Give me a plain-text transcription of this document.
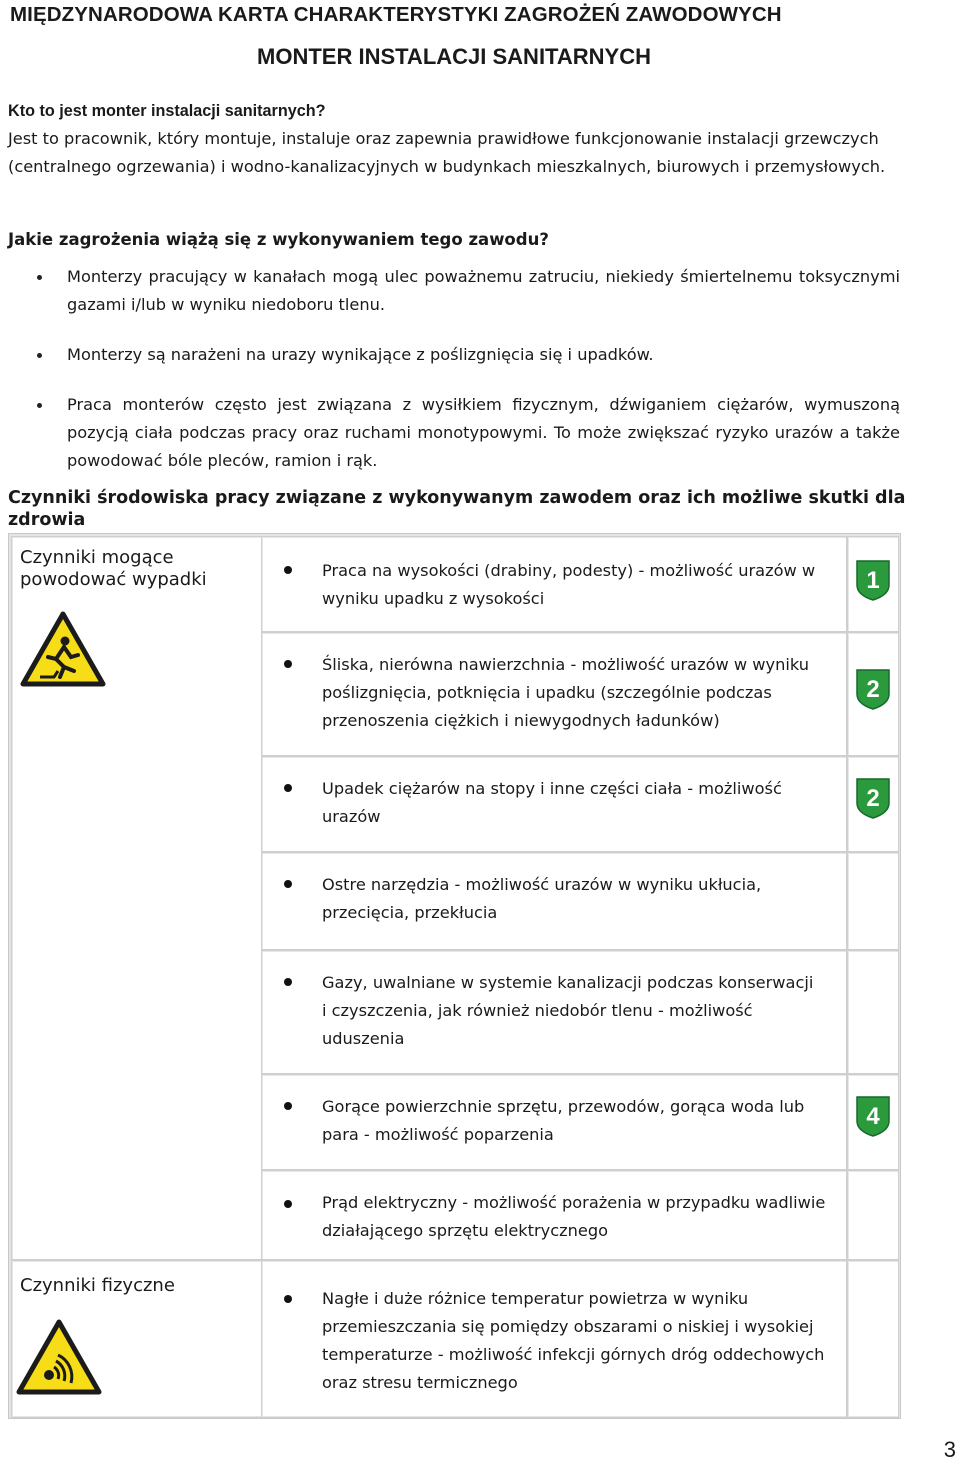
MIĘDZYNARODOWA KARTA CHARAKTERYSTYKI ZAGROŻEŃ ZAWODOWYCH
MONTER INSTALACJI SANITARNYCH
Kto to jest monter instalacji sanitarnych?
Jest to pracownik, który montuje, instaluje oraz zapewnia prawidłowe funkcjonowanie instalacji grzewczych (centralnego ogrzewania) i wodno-kanalizacyjnych w budynkach mieszkalnych, biurowych i przemysłowych.
Jakie zagrożenia wiążą się z wykonywaniem tego zawodu?
Monterzy pracujący w kanałach mogą ulec poważnemu zatruciu, niekiedy śmiertelnemu toksycznymi gazami i/lub w wyniku niedoboru tlenu.
Monterzy są narażeni na urazy wynikające z poślizgnięcia się i upadków.
Praca monterów często jest związana z wysiłkiem fizycznym, dźwiganiem ciężarów, wymuszoną pozycją ciała podczas pracy oraz ruchami monotypowymi. To może zwiększać ryzyko urazów a także powodować bóle pleców, ramion i rąk.
Czynniki środowiska pracy związane z wykonywanym zawodem oraz ich możliwe skutki dla zdrowia
Czynniki mogące powodować wypadki
Czynniki fizyczne
Praca na wysokości (drabiny, podesty) - możliwość urazów w wyniku upadku z wysokości
Śliska, nierówna nawierzchnia - możliwość urazów w wyniku poślizgnięcia, potknięcia i upadku (szczególnie podczas przenoszenia ciężkich i niewygodnych ładunków)
Upadek ciężarów na stopy i inne części ciała - możliwość urazów
Ostre narzędzia - możliwość urazów w wyniku ukłucia, przecięcia, przekłucia
Gazy, uwalniane w systemie kanalizacji podczas konserwacji i czyszczenia, jak również niedobór tlenu - możliwość uduszenia
Gorące powierzchnie sprzętu, przewodów, gorąca woda lub para - możliwość poparzenia
Prąd elektryczny - możliwość porażenia w przypadku wadliwie działającego sprzętu elektrycznego
Nagłe i duże różnice temperatur powietrza w wyniku przemieszczania się pomiędzy obszarami o niskiej i wysokiej temperaturze - możliwość infekcji górnych dróg oddechowych oraz stresu termicznego
1
2
2
4
3
